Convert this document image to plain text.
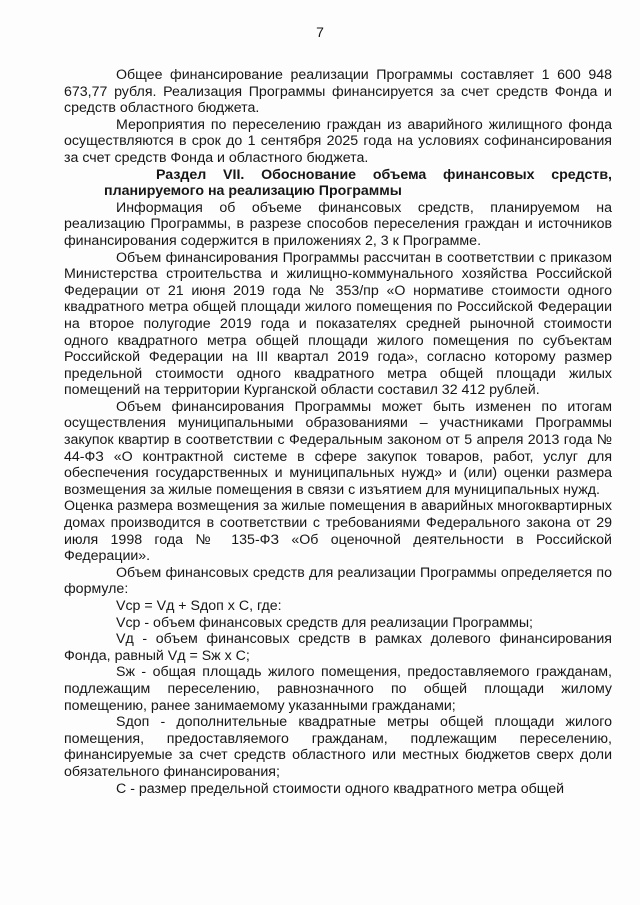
7

Общее финансирование реализации Программы составляет 1 600 948 673,77 рубля. Реализация Программы финансируется за счет средств Фонда и средств областного бюджета.

Мероприятия по переселению граждан из аварийного жилищного фонда осуществляются в срок до 1 сентября 2025 года на условиях софинансирования за счет средств Фонда и областного бюджета.

Раздел VII. Обоснование объема финансовых средств, планируемого на реализацию Программы

Информация об объеме финансовых средств, планируемом на реализацию Программы, в разрезе способов переселения граждан и источников финансирования содержится в приложениях 2, 3 к Программе.

Объем финансирования Программы рассчитан в соответствии с приказом Министерства строительства и жилищно-коммунального хозяйства Российской Федерации от 21 июня 2019 года № 353/пр «О нормативе стоимости одного квадратного метра общей площади жилого помещения по Российской Федерации на второе полугодие 2019 года и показателях средней рыночной стоимости одного квадратного метра общей площади жилого помещения по субъектам Российской Федерации на III квартал 2019 года», согласно которому размер предельной стоимости одного квадратного метра общей площади жилых помещений на территории Курганской области составил 32 412 рублей.

Объем финансирования Программы может быть изменен по итогам осуществления муниципальными образованиями – участниками Программы закупок квартир в соответствии с Федеральным законом от 5 апреля 2013 года № 44-ФЗ «О контрактной системе в сфере закупок товаров, работ, услуг для обеспечения государственных и муниципальных нужд» и (или) оценки размера возмещения за жилые помещения в связи с изъятием для муниципальных нужд.

Оценка размера возмещения за жилые помещения в аварийных многоквартирных домах производится в соответствии с требованиями Федерального закона от 29 июля 1998 года № 135-ФЗ «Об оценочной деятельности в Российской Федерации».

Объем финансовых средств для реализации Программы определяется по формуле:

Vср = Vд + Sдоп х С, где:

Vср - объем финансовых средств для реализации Программы;

Vд - объем финансовых средств в рамках долевого финансирования Фонда, равный Vд = Sж х С;

Sж - общая площадь жилого помещения, предоставляемого гражданам, подлежащим переселению, равнозначного по общей площади жилому помещению, ранее занимаемому указанными гражданами;

Sдоп - дополнительные квадратные метры общей площади жилого помещения, предоставляемого гражданам, подлежащим переселению, финансируемые за счет средств областного или местных бюджетов сверх доли обязательного финансирования;

С - размер предельной стоимости одного квадратного метра общей
